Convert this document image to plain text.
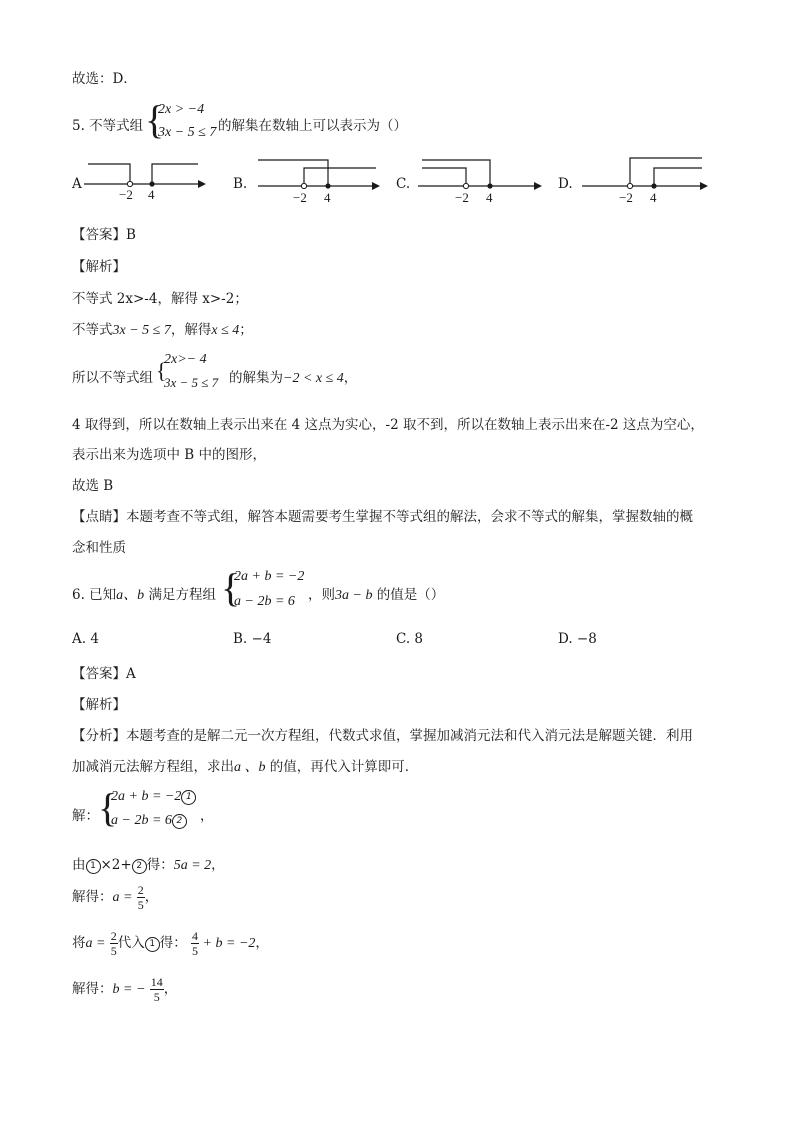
故选：D．
5. 不等式组 {
2x > −4
3x − 5 ≤ 7 的解集在数轴上可以表示为（）
A
−2 4
B.
−2 4
C.
−2 4
D.
−2 4
【答案】B
【解析】
不等式 2x>-4，解得 x>-2；
不等式3x − 5 ≤ 7，解得x ≤ 4；
所以不等式组 {
2x>− 4
3x − 5 ≤ 7 的解集为−2 < x ≤ 4，
4 取得到，所以在数轴上表示出来在 4 这点为实心，-2 取不到，所以在数轴上表示出来在-2 这点为空心，
表示出来为选项中 B 中的图形，
故选 B
【点睛】本题考查不等式组，解答本题需要考生掌握不等式组的解法，会求不等式的解集，掌握数轴的概
念和性质
6. 已知a、b 满足方程组 {
2a + b = −2
a − 2b = 6 ，则3a − b 的值是（）
A. 4	B. −4	C. 8	D. −8
【答案】A
【解析】
【分析】本题考查的是解二元一次方程组，代数式求值，掌握加减消元法和代入消元法是解题关键．利用
加减消元法解方程组，求出a 、b 的值，再代入计算即可．
解： {
2a + b = −2 1
a − 2b = 6 2	，
由 1 ×2+ 2 得：5a = 2，
解得：$a = \frac{2}{5}$ ，
将$a = \frac{2}{5}$ 代入 1 得： $\frac{4}{5} + b = -2$，
解得：b = − $\frac{14}{5}$ ，
